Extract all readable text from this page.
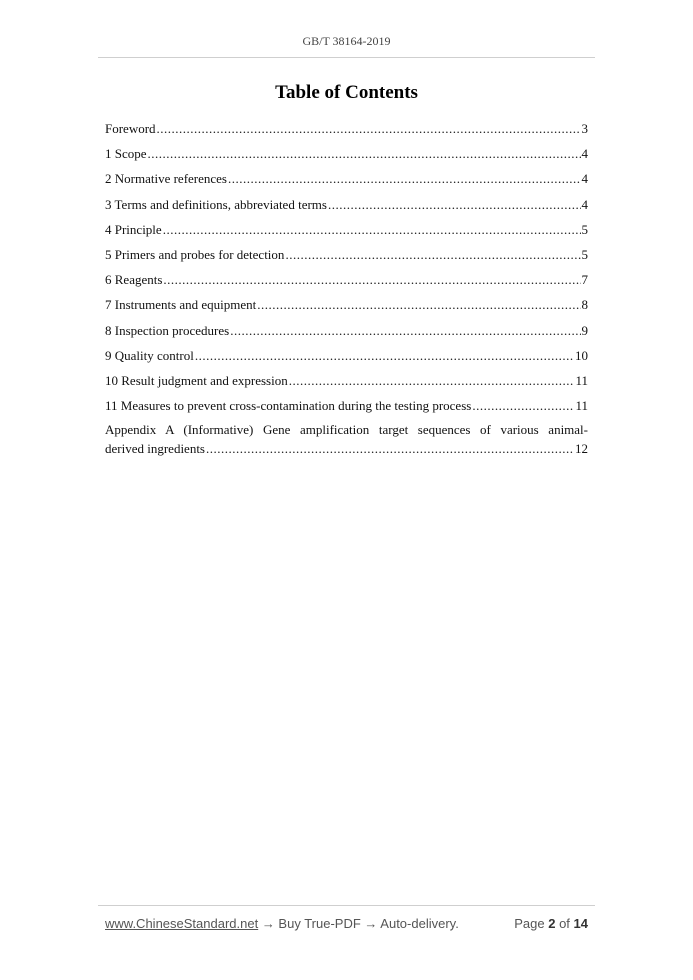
GB/T 38164-2019
Table of Contents
Foreword .....	3
1 Scope .....	4
2 Normative references .....	4
3 Terms and definitions, abbreviated terms .....	4
4 Principle .....	5
5 Primers and probes for detection .....	5
6 Reagents .....	7
7 Instruments and equipment .....	8
8 Inspection procedures .....	9
9 Quality control .....	10
10 Result judgment and expression .....	11
11 Measures to prevent cross-contamination during the testing process .....	11
Appendix A (Informative) Gene amplification target sequences of various animal-
derived ingredients .....	12
www.ChineseStandard.net → Buy True-PDF → Auto-delivery.	Page 2 of 14
